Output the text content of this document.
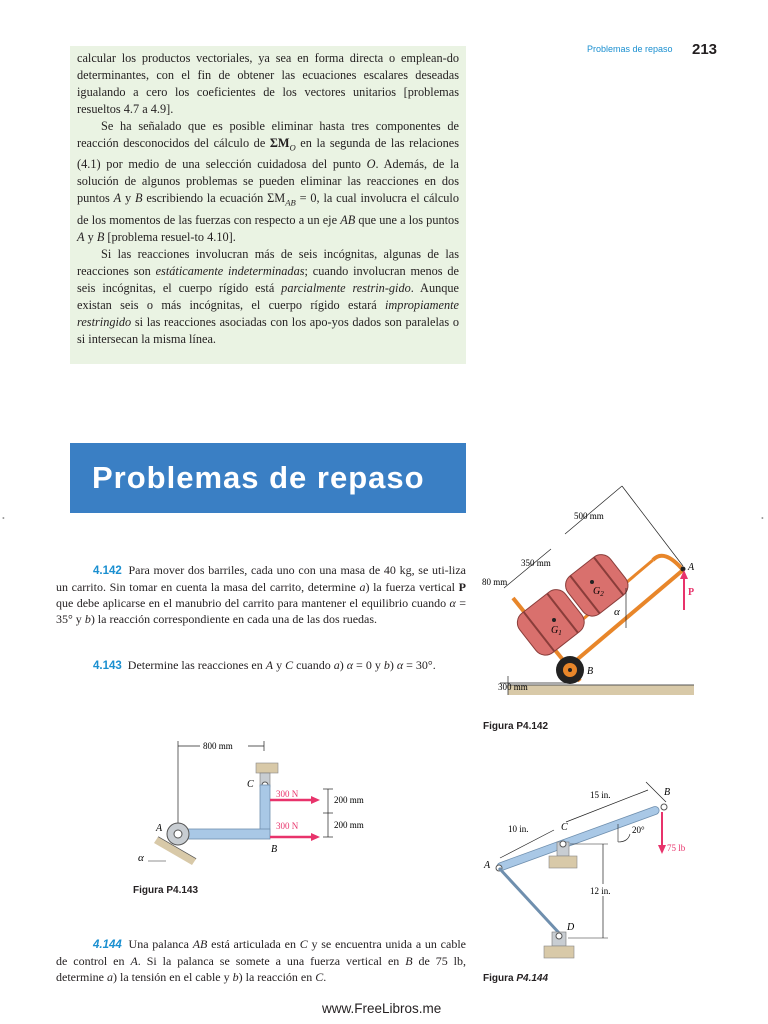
Problemas de repaso 213

calcular los productos vectoriales, ya sea en forma directa o emplean-do determinantes, con el fin de obtener las ecuaciones escalares deseadas igualando a cero los coeficientes de los vectores unitarios [problemas resueltos 4.7 a 4.9].

Se ha señalado que es posible eliminar hasta tres componentes de reacción desconocidos del cálculo de $\Sigma M_O$ en la segunda de las relaciones (4.1) por medio de una selección cuidadosa del punto O. Además, de la solución de algunos problemas se pueden eliminar las reacciones en dos puntos A y B escribiendo la ecuación $\Sigma M_{AB} = 0$, la cual involucra el cálculo de los momentos de las fuerzas con respecto a un eje AB que une a los puntos A y B [problema resuel-to 4.10].

Si las reacciones involucran más de seis incógnitas, algunas de las reacciones son estáticamente indeterminadas; cuando involucran menos de seis incógnitas, el cuerpo rígido está parcialmente restrin-gido. Aunque existan seis o más incógnitas, el cuerpo rígido estará impropiamente restringido si las reacciones asociadas con los apo-yos dados son paralelas o si intersecan la misma línea.

Problemas de repaso

4.142 Para mover dos barriles, cada uno con una masa de 40 kg, se uti-liza un carrito. Sin tomar en cuenta la masa del carrito, determine a) la fuerza vertical P que debe aplicarse en el manubrio del carrito para mantener el equilibrio cuando α = 35° y b) la reacción correspondiente en cada una de las dos ruedas.

4.143 Determine las reacciones en A y C cuando a) α = 0 y b) α = 30°.

4.144 Una palanca AB está articulada en C y se encuentra unida a un cable de control en A. Si la palanca se somete a una fuerza vertical en B de 75 lb, determine a) la tensión en el cable y b) la reacción en C.

$G_1$
$G_2$
500 mm
350 mm
80 mm
300 mm
α
A
B
P
Figura P4.142
800 mm
C
A
α
B
300 N
300 N
200 mm
200 mm
Figura P4.143
15 in.
10 in.	C
D
12 in.
20°
75 lb
A
B
Figura P4.144
www.FreeLibros.me
•	•
